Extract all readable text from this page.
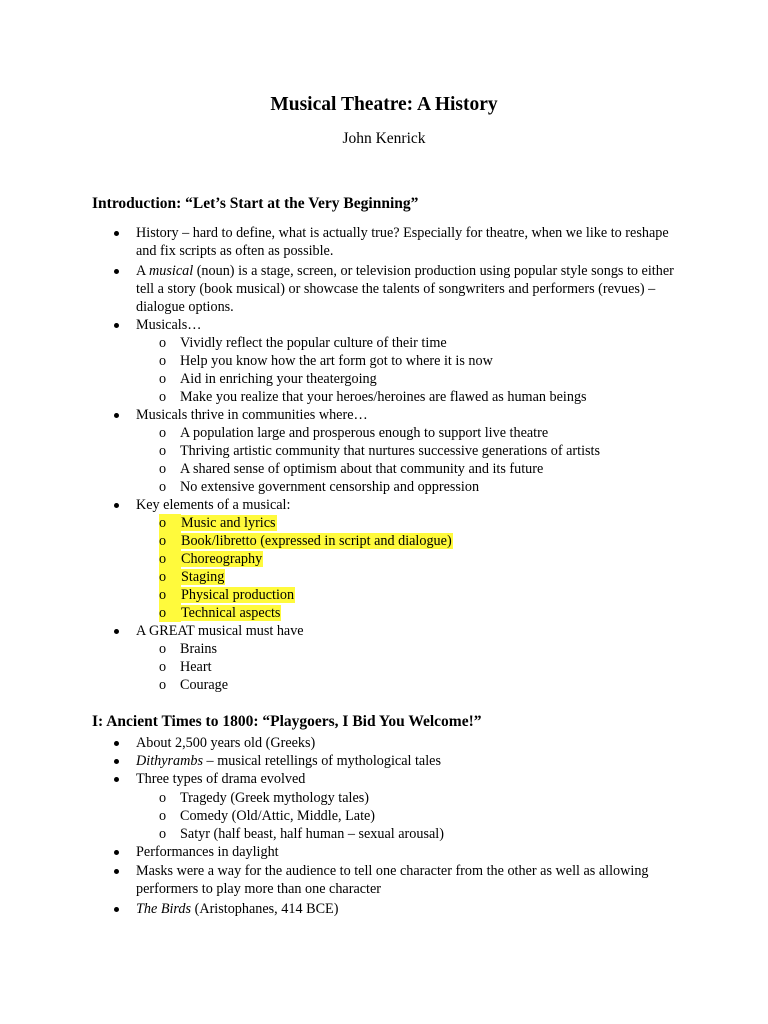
Musical Theatre: A History
John Kenrick
Introduction: “Let’s Start at the Very Beginning”
History – hard to define, what is actually true? Especially for theatre, when we like to reshape and fix scripts as often as possible.
A musical (noun) is a stage, screen, or television production using popular style songs to either tell a story (book musical) or showcase the talents of songwriters and performers (revues) – dialogue options.
Musicals…
o Vividly reflect the popular culture of their time
o Help you know how the art form got to where it is now
o Aid in enriching your theatergoing
o Make you realize that your heroes/heroines are flawed as human beings
Musicals thrive in communities where…
o A population large and prosperous enough to support live theatre
o Thriving artistic community that nurtures successive generations of artists
o A shared sense of optimism about that community and its future
o No extensive government censorship and oppression
Key elements of a musical:
o	Music and lyrics
o	Book/libretto (expressed in script and dialogue)
o	Choreography
o	Staging
o	Physical production
o	Technical aspects
A GREAT musical must have
o Brains
o Heart
o Courage
I: Ancient Times to 1800: “Playgoers, I Bid You Welcome!”
About 2,500 years old (Greeks)
Dithyrambs – musical retellings of mythological tales
Three types of drama evolved
o Tragedy (Greek mythology tales)
o Comedy (Old/Attic, Middle, Late)
o Satyr (half beast, half human – sexual arousal)
Performances in daylight
Masks were a way for the audience to tell one character from the other as well as allowing performers to play more than one character
The Birds (Aristophanes, 414 BCE)
